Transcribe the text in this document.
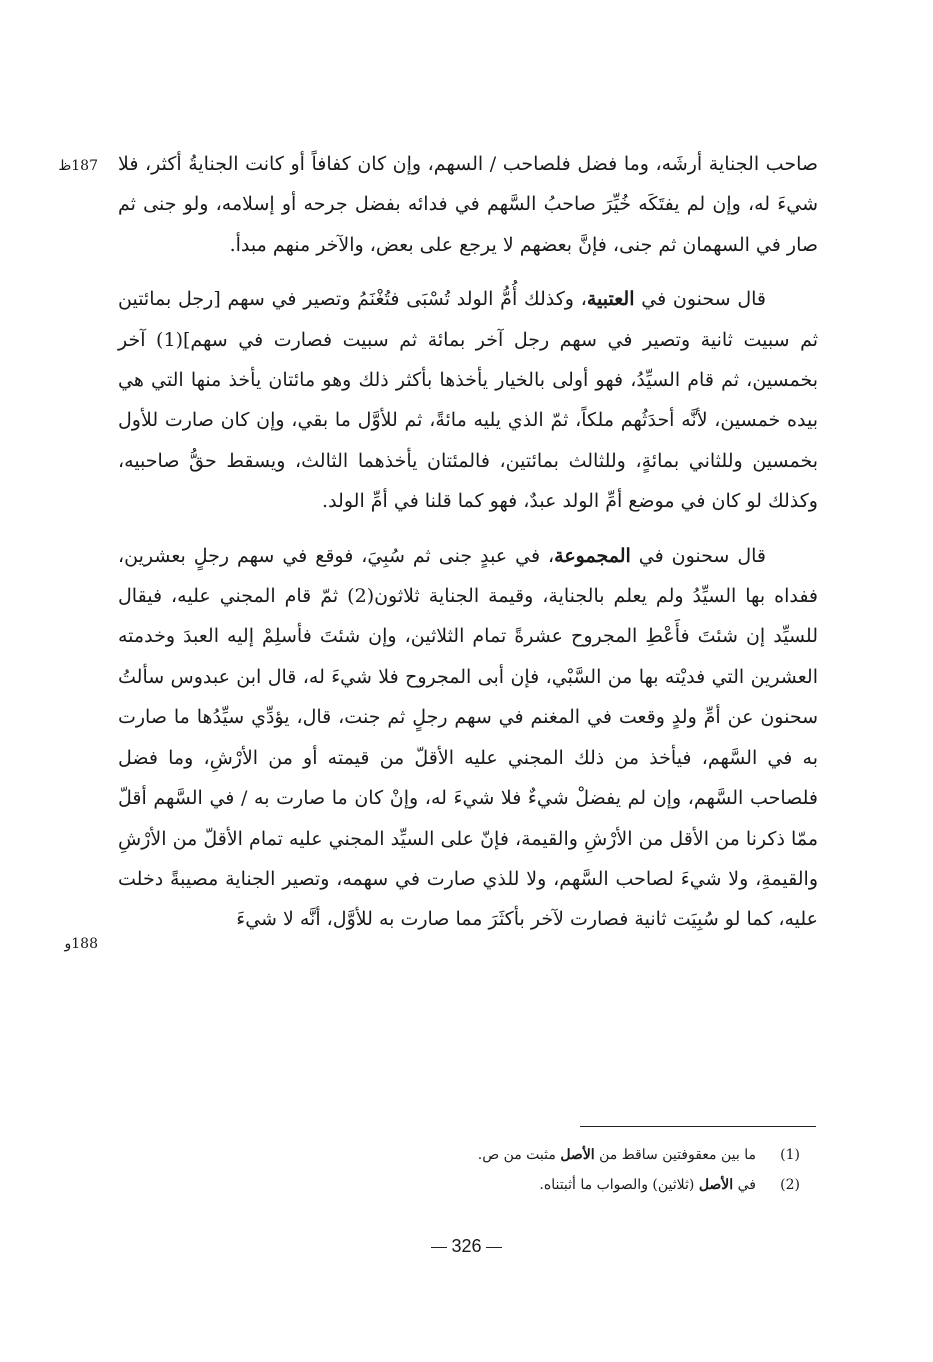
187ظ
188و

صاحب الجناية أرشَه، وما فضل فلصاحب / السهم، وإن كان كفافاً أو كانت الجنايةُ أكثر، فلا شيءَ له، وإن لم يفتَكَه خُيِّرَ صاحبُ السَّهم في فدائه بفضل جرحه أو إسلامه، ولو جنى ثم صار في السهمان ثم جنى، فإنَّ بعضهم لا يرجع على بعض، والآخر منهم مبدأ.

قال سحنون في العتبية، وكذلك أُمُّ الولد تُسْبَى فتُغْنَمُ وتصير في سهم [رجل بمائتين ثم سبيت ثانية وتصير في سهم رجل آخر بمائة ثم سبيت فصارت في سهم](1) آخر بخمسين، ثم قام السيِّدُ، فهو أولى بالخيار يأخذها بأكثر ذلك وهو مائتان يأخذ منها التي هي بيده خمسين، لأنَّه أحدَثُهم ملكاً، ثمّ الذي يليه مائةً، ثم للأوَّل ما بقي، وإن كان صارت للأول بخمسين وللثاني بمائةٍ، وللثالث بمائتين، فالمئتان يأخذهما الثالث، ويسقط حقُّ صاحبيه، وكذلك لو كان في موضع أمِّ الولد عبدٌ، فهو كما قلنا في أمِّ الولد.

قال سحنون في المجموعة، في عبدٍ جنى ثم سُبِيَ، فوقع في سهم رجلٍ بعشرين، ففداه بها السيِّدُ ولم يعلم بالجناية، وقيمة الجناية ثلاثون(2) ثمّ قام المجني عليه، فيقال للسيِّد إن شئتَ فأَعْطِ المجروح عشرةً تمام الثلاثين، وإن شئتَ فأسلِمْ إليه العبدَ وخدمته العشرين التي فديْته بها من السَّبْي، فإن أبى المجروح فلا شيءَ له، قال ابن عبدوس سألتُ سحنون عن أمِّ ولدٍ وقعت في المغنم في سهم رجلٍ ثم جنت، قال، يؤدِّي سيِّدُها ما صارت به في السَّهم، فيأخذ من ذلك المجني عليه الأقلّ من قيمته أو من الأرْشِ، وما فضل فلصاحب السَّهم، وإن لم يفضلْ شيءٌ فلا شيءَ له، وإنْ كان ما صارت به / في السَّهم أقلّ ممّا ذكرنا من الأقل من الأرْشِ والقيمة، فإنّ على السيِّد المجني عليه تمام الأقلّ من الأرْشِ والقيمةِ، ولا شيءَ لصاحب السَّهم، ولا للذي صارت في سهمه، وتصير الجناية مصيبةً دخلت عليه، كما لو سُبِيَت ثانية فصارت لآخر بأكثَرَ مما صارت به للأوَّل، أنَّه لا شيءَ

(1)
ما بين معقوفتين ساقط من الأصل مثبت من ص.
(2)
في الأصل (ثلاثين) والصواب ما أثبتناه.
326
